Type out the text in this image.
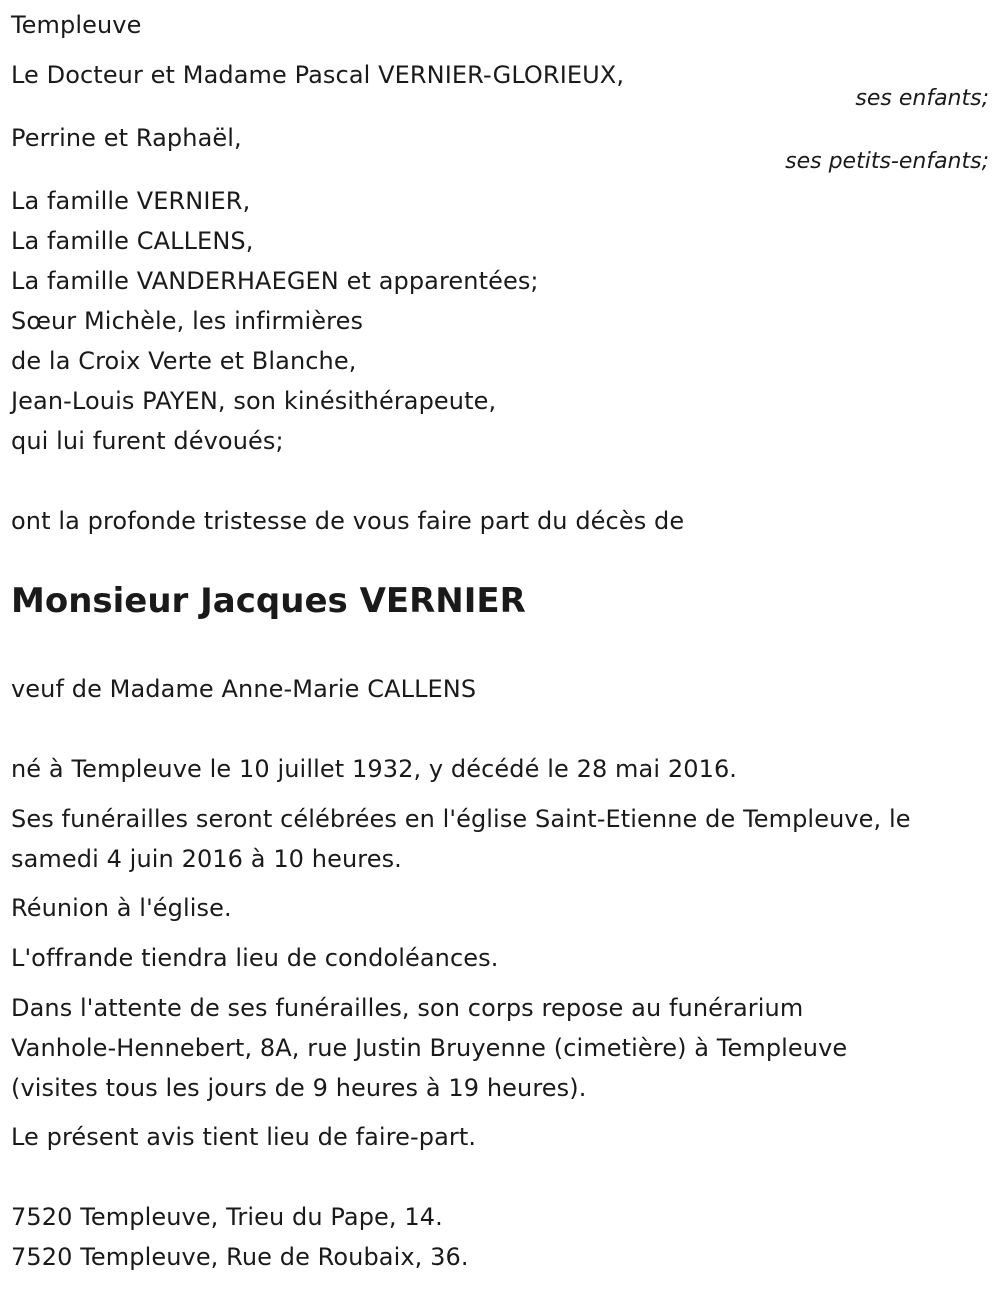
Templeuve
Le Docteur et Madame Pascal VERNIER-GLORIEUX,
ses enfants;
Perrine et Raphaël,
ses petits-enfants;
La famille VERNIER,
La famille CALLENS,
La famille VANDERHAEGEN et apparentées;
Sœur Michèle, les infirmières
de la Croix Verte et Blanche,
Jean-Louis PAYEN, son kinésithérapeute,
qui lui furent dévoués;
ont la profonde tristesse de vous faire part du décès de
Monsieur Jacques VERNIER
veuf de Madame Anne-Marie CALLENS
né à Templeuve le 10 juillet 1932, y décédé le 28 mai 2016.
Ses funérailles seront célébrées en l'église Saint-Etienne de Templeuve, le
samedi 4 juin 2016 à 10 heures.
Réunion à l'église.
L'offrande tiendra lieu de condoléances.
Dans l'attente de ses funérailles, son corps repose au funérarium
Vanhole-Hennebert, 8A, rue Justin Bruyenne (cimetière) à Templeuve
(visites tous les jours de 9 heures à 19 heures).
Le présent avis tient lieu de faire-part.
7520 Templeuve, Trieu du Pape, 14.
7520 Templeuve, Rue de Roubaix, 36.
